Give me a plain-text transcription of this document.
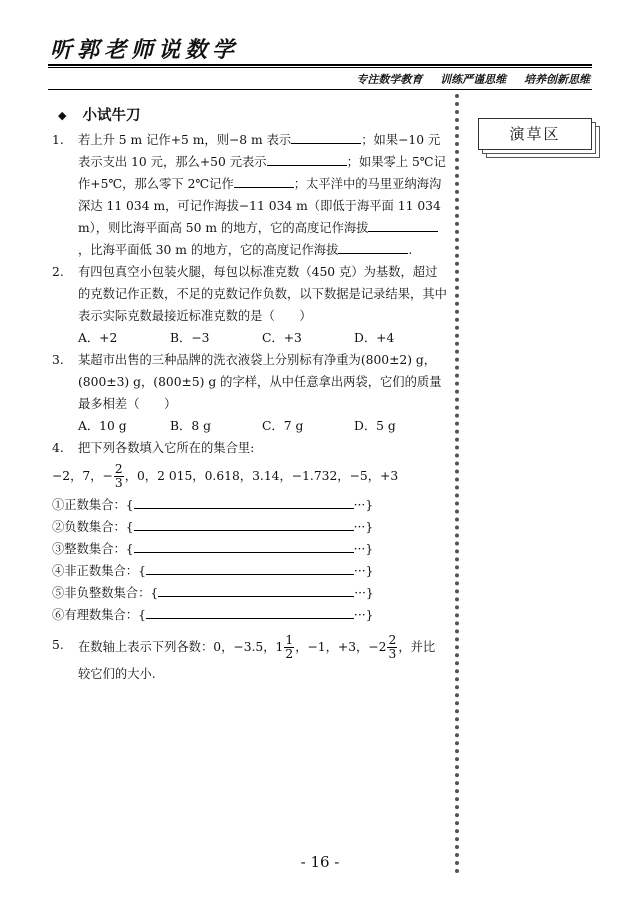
听郭老师说数学
专注数学教育 训练严谨思维 培养创新思维
演草区
◆ 小试牛刀
1.	若上升 5 m 记作+5 m，则−8 m 表示	；如果−10 元表示支出 10 元，那么+50 元表示	；如果零上 5℃记作+5℃，那么零下 2℃记作	；太平洋中的马里亚纳海沟深达 11 034 m，可记作海拔−11 034 m（即低于海平面 11 034 m），则比海平面高 50 m 的地方，它的高度记作海拔，比海平面低 30 m 的地方，它的高度记作海拔	.
2.	有四包真空小包装火腿，每包以标准克数（450 克）为基数，超过的克数记作正数，不足的克数记作负数，以下数据是记录结果，其中表示实际克数最接近标准克数的是（　　）
A．+2	B．−3	C．+3	D．+4
3.	某超市出售的三种品牌的洗衣液袋上分别标有净重为(800±2) g，(800±3) g，(800±5) g 的字样，从中任意拿出两袋，它们的质量最多相差（　　）
A．10 g	B．8 g	C．7 g	D．5 g
4.	把下列各数填入它所在的集合里:
−2，7，− $\frac{2}{3}$ ，0，2 015，0.618，3.14，−1.732，−5，+3
①正数集合：{	···}
②负数集合：{	···}
③整数集合：{	···}
④非正数集合：{	···}
⑤非负整数集合：{	···}
⑥有理数集合：{	···}
5.	在数轴上表示下列各数：0，−3.5，$1 \frac{1}{2}$ ，−1，+3，$-2 \frac{2}{3}$ ，并比较它们的大小.
- 16 -
